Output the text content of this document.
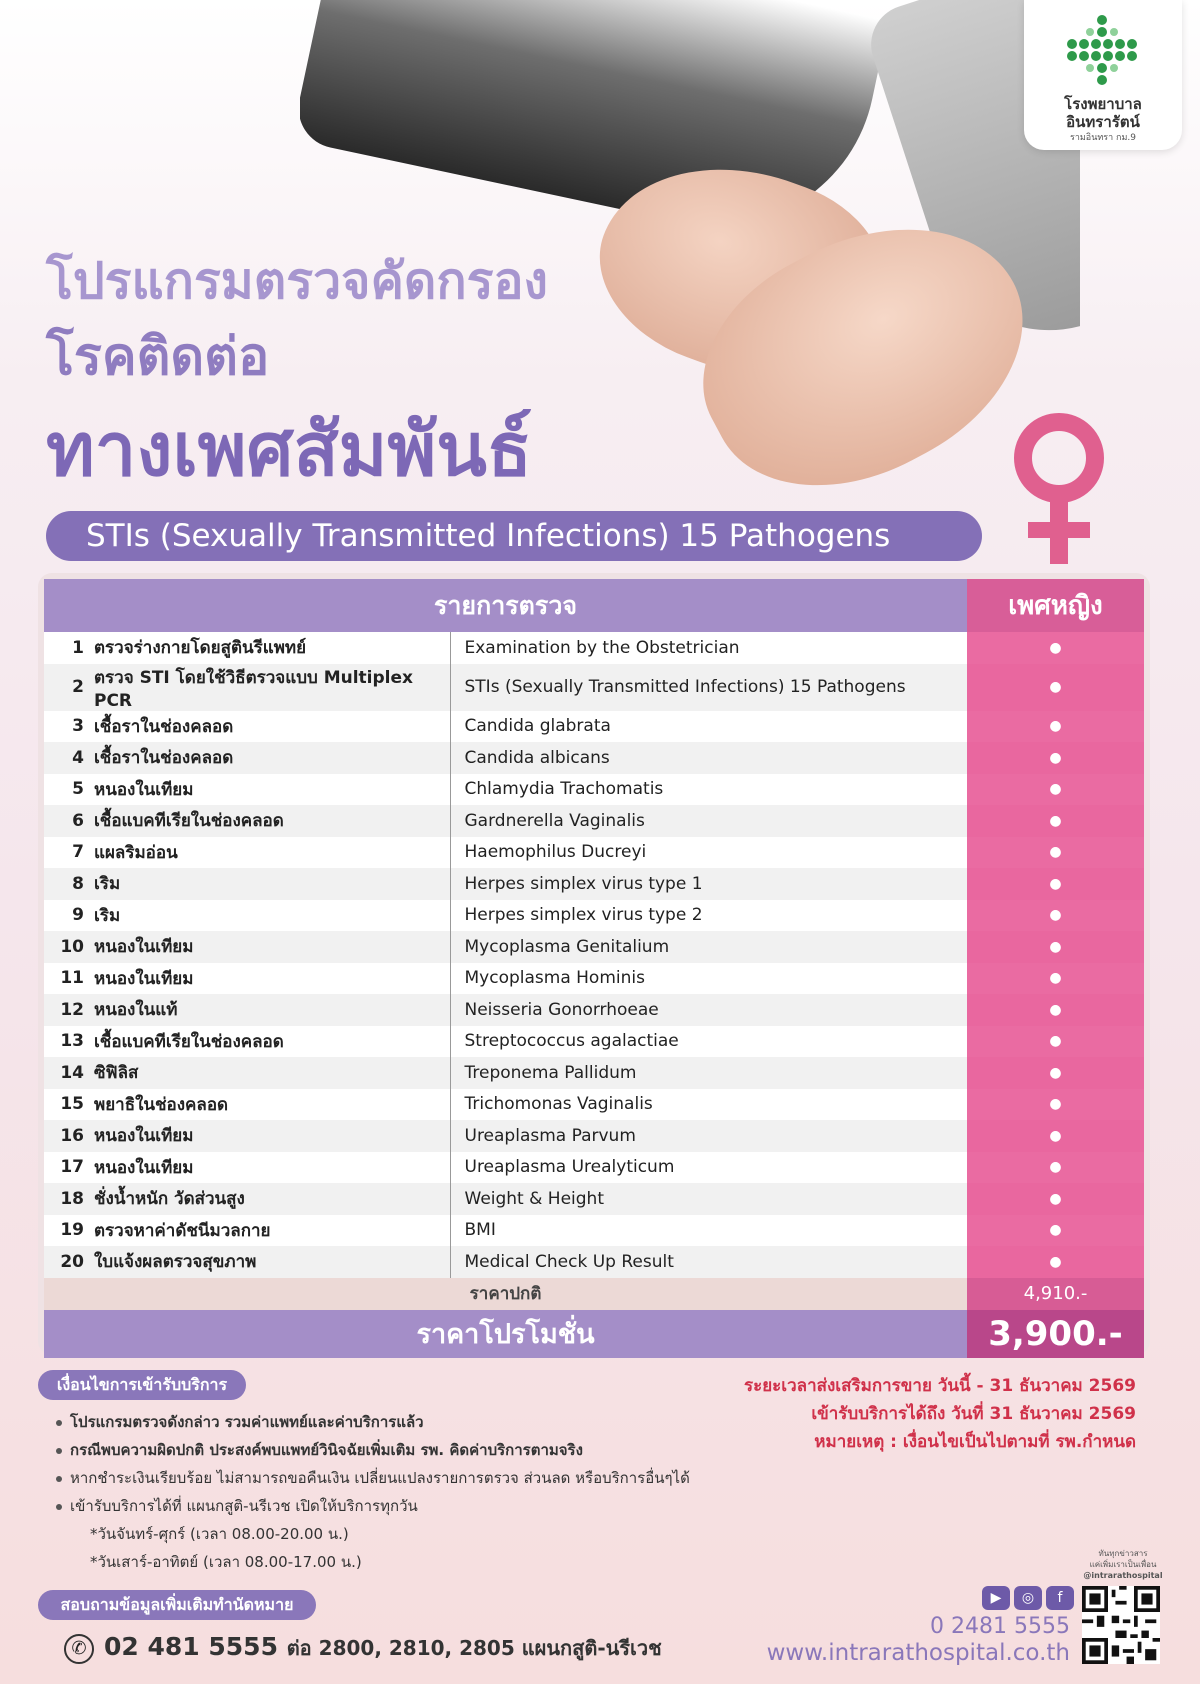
โรงพยาบาล
อินทรารัตน์
รามอินทรา กม.9
โปรแกรมตรวจคัดกรอง
โรคติดต่อ
ทางเพศสัมพันธ์
STIs (Sexually Transmitted Infections) 15 Pathogens
รายการตรวจ			เพศหญิง
1	ตรวจร่างกายโดยสูตินรีแพทย์	Examination by the Obstetrician	●
2	ตรวจ STI โดยใช้วิธีตรวจแบบ Multiplex PCR	STIs (Sexually Transmitted Infections) 15 Pathogens	●
3	เชื้อราในช่องคลอด	Candida glabrata	●
4	เชื้อราในช่องคลอด	Candida albicans	●
5	หนองในเทียม	Chlamydia Trachomatis	●
6	เชื้อแบคทีเรียในช่องคลอด	Gardnerella Vaginalis	●
7	แผลริมอ่อน	Haemophilus Ducreyi	●
8	เริม	Herpes simplex virus type 1	●
9	เริม	Herpes simplex virus type 2	●
10	หนองในเทียม	Mycoplasma Genitalium	●
11	หนองในเทียม	Mycoplasma Hominis	●
12	หนองในแท้	Neisseria Gonorrhoeae	●
13	เชื้อแบคทีเรียในช่องคลอด	Streptococcus agalactiae	●
14	ซิฟิลิส	Treponema Pallidum	●
15	พยาธิในช่องคลอด	Trichomonas Vaginalis	●
16	หนองในเทียม	Ureaplasma Parvum	●
17	หนองในเทียม	Ureaplasma Urealyticum	●
18	ชั่งน้ำหนัก วัดส่วนสูง	Weight & Height	●
19	ตรวจหาค่าดัชนีมวลกาย	BMI	●
20	ใบแจ้งผลตรวจสุขภาพ	Medical Check Up Result	●
ราคาปกติ			4,910.-
ราคาโปรโมชั่น			3,900.-
เงื่อนไขการเข้ารับบริการ
โปรแกรมตรวจดังกล่าว รวมค่าแพทย์และค่าบริการแล้ว
กรณีพบความผิดปกติ ประสงค์พบแพทย์วินิจฉัยเพิ่มเติม รพ. คิดค่าบริการตามจริง
หากชำระเงินเรียบร้อย ไม่สามารถขอคืนเงิน เปลี่ยนแปลงรายการตรวจ ส่วนลด หรือบริการอื่นๆได้
เข้ารับบริการได้ที่ แผนกสูติ-นรีเวช เปิดให้บริการทุกวัน
*วันจันทร์-ศุกร์ (เวลา 08.00-20.00 น.)
*วันเสาร์-อาทิตย์ (เวลา 08.00-17.00 น.)
ระยะเวลาส่งเสริมการขาย วันนี้ - 31 ธันวาคม 2569
เข้ารับบริการได้ถึง วันที่ 31 ธันวาคม 2569
หมายเหตุ : เงื่อนไขเป็นไปตามที่ รพ.กำหนด
สอบถามข้อมูลเพิ่มเติมทำนัดหมาย
✆ 02 481 5555 ต่อ 2800, 2810, 2805 แผนกสูติ-นรีเวช
▶ ◎ f
0 2481 5555
www.intrarathospital.co.th
ทันทุกข่าวสาร
แค่เพิ่มเราเป็นเพื่อน
@intrarathospital
